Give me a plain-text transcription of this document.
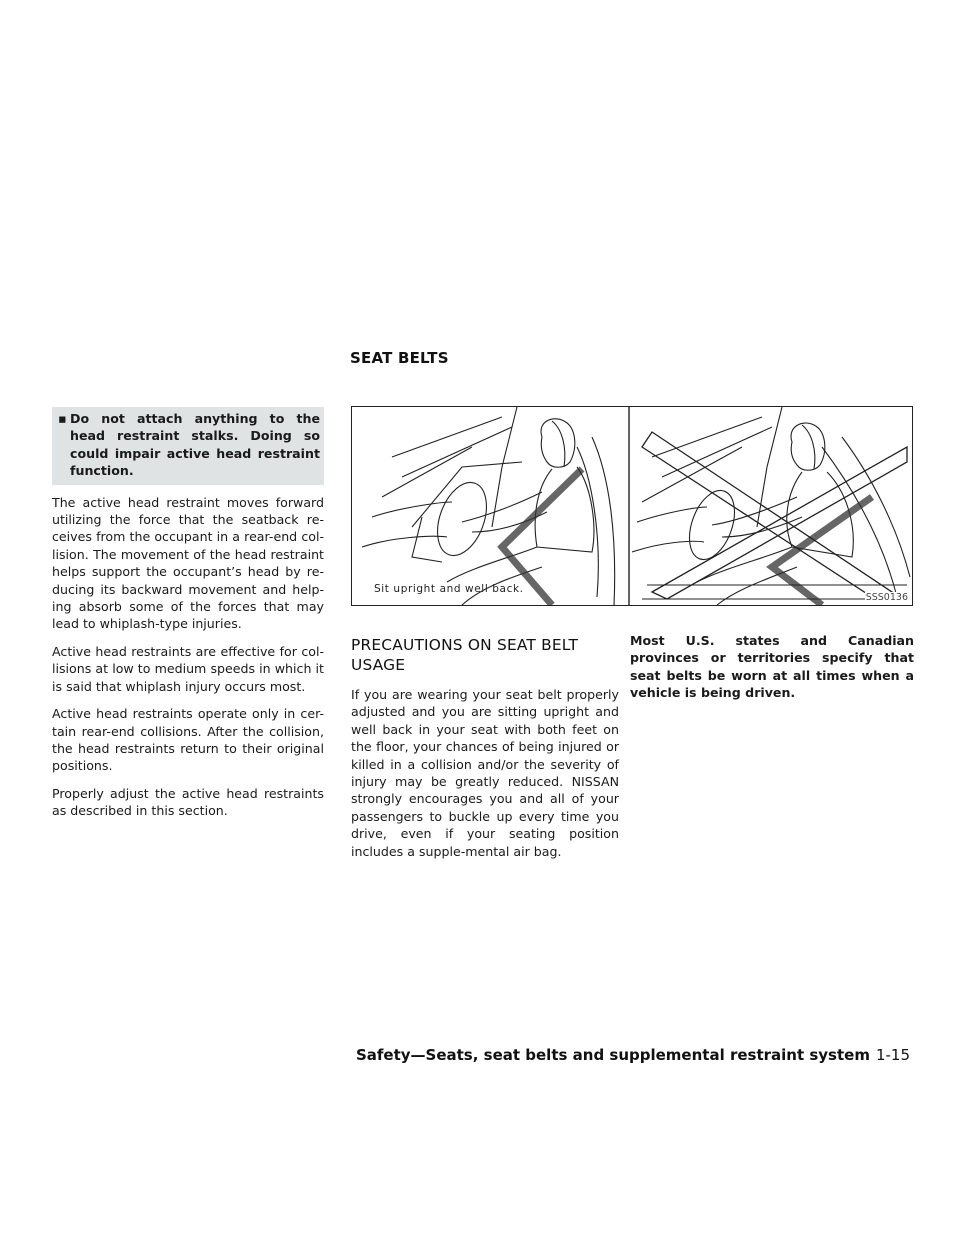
SEAT BELTS
▪ Do not attach anything to the head restraint stalks. Doing so could impair active head restraint function.

The active head restraint moves forward utilizing the force that the seatback re-ceives from the occupant in a rear-end col-lision. The movement of the head restraint helps support the occupant’s head by re-ducing its backward movement and help-ing absorb some of the forces that may lead to whiplash-type injuries.

Active head restraints are effective for col-lisions at low to medium speeds in which it is said that whiplash injury occurs most.

Active head restraints operate only in cer-tain rear-end collisions. After the collision, the head restraints return to their original positions.

Properly adjust the active head restraints as described in this section.

Sit upright and well back.
SSS0136
PRECAUTIONS ON SEAT BELT
USAGE

If you are wearing your seat belt properly adjusted and you are sitting upright and well back in your seat with both feet on the floor, your chances of being injured or killed in a collision and/or the severity of injury may be greatly reduced. NISSAN strongly encourages you and all of your passengers to buckle up every time you drive, even if your seating position includes a supple-mental air bag.

Most U.S. states and Canadian provinces or territories specify that seat belts be worn at all times when a vehicle is being driven.

Safety—Seats, seat belts and supplemental restraint system 1-15
